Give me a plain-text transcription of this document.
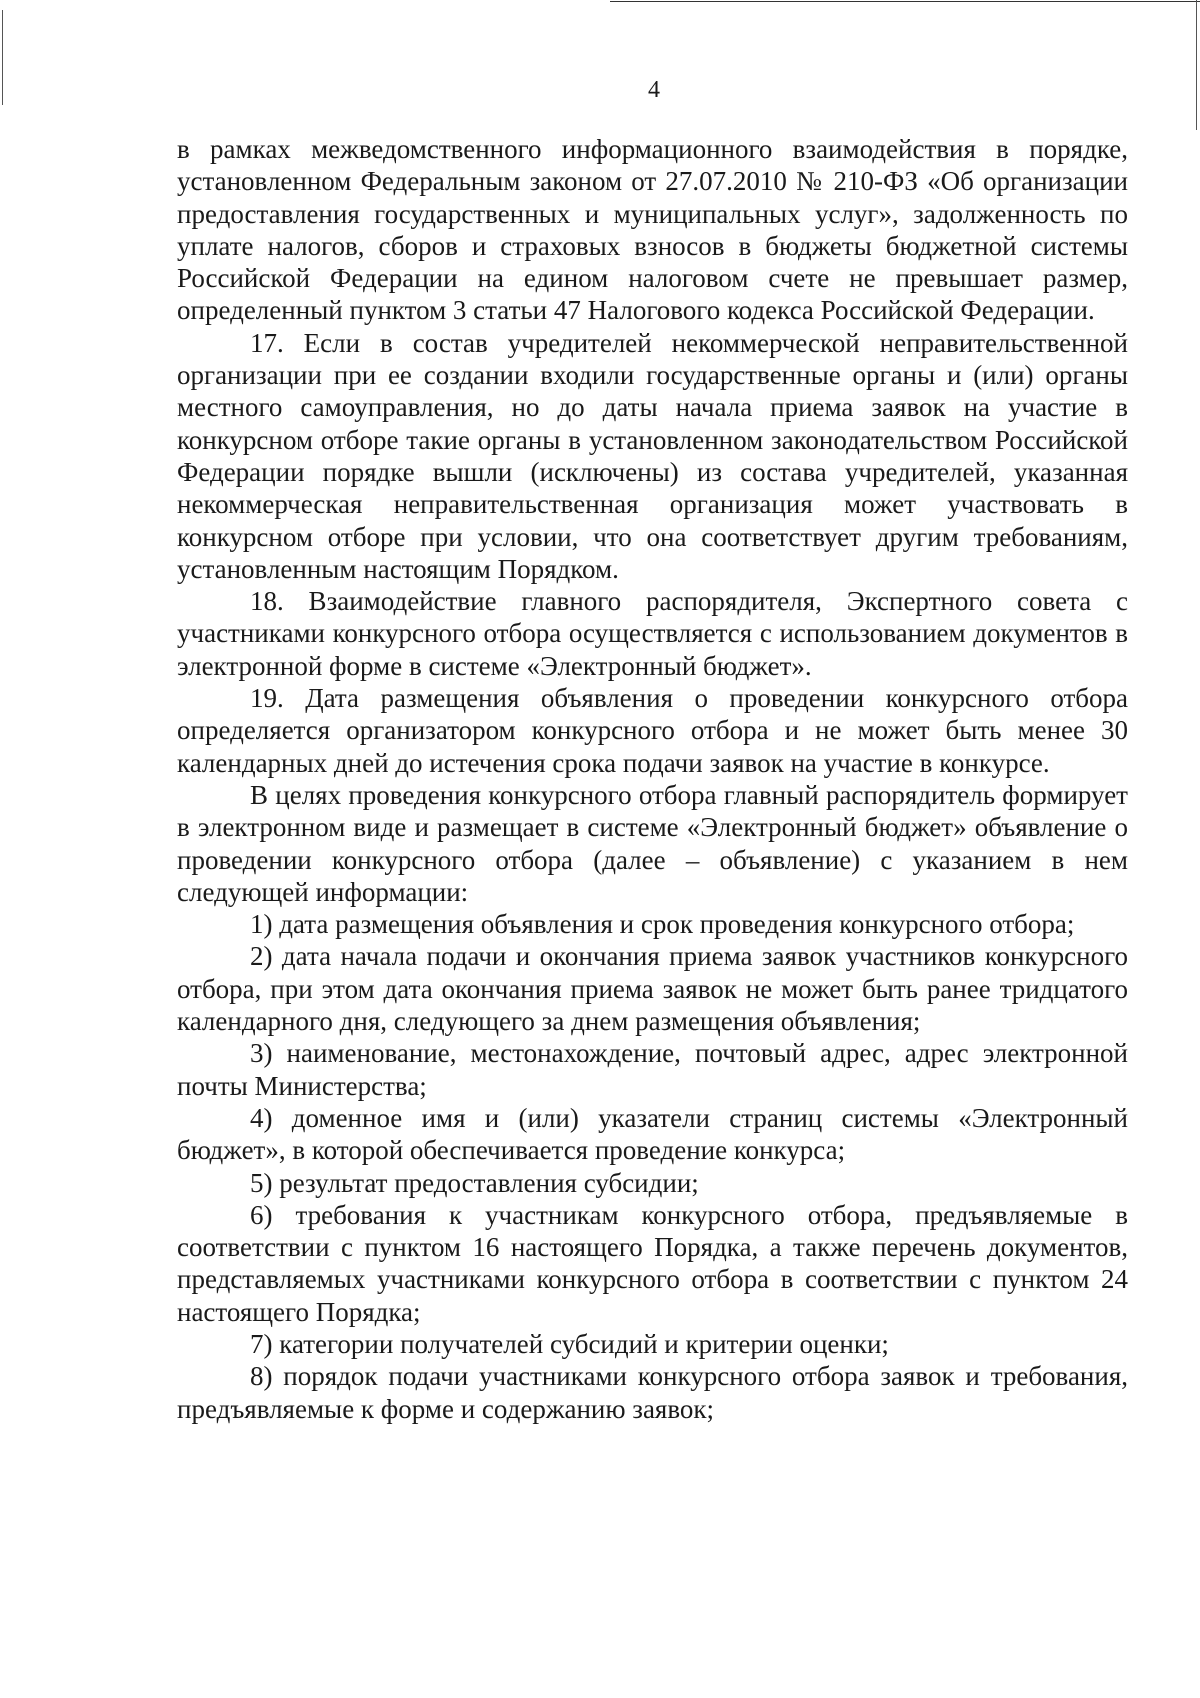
4

в рамках межведомственного информационного взаимодействия в порядке, установленном Федеральным законом от 27.07.2010 № 210-ФЗ «Об организации предоставления государственных и муниципальных услуг», задолженность по уплате налогов, сборов и страховых взносов в бюджеты бюджетной системы Российской Федерации на едином налоговом счете не превышает размер, определенный пунктом 3 статьи 47 Налогового кодекса Российской Федерации.

17. Если в состав учредителей некоммерческой неправительственной организации при ее создании входили государственные органы и (или) органы местного самоуправления, но до даты начала приема заявок на участие в конкурсном отборе такие органы в установленном законодательством Российской Федерации порядке вышли (исключены) из состава учредителей, указанная некоммерческая неправительственная организация может участвовать в конкурсном отборе при условии, что она соответствует другим требованиям, установленным настоящим Порядком.

18. Взаимодействие главного распорядителя, Экспертного совета с участниками конкурсного отбора осуществляется с использованием документов в электронной форме в системе «Электронный бюджет».

19. Дата размещения объявления о проведении конкурсного отбора определяется организатором конкурсного отбора и не может быть менее 30 календарных дней до истечения срока подачи заявок на участие в конкурсе.

В целях проведения конкурсного отбора главный распорядитель формирует в электронном виде и размещает в системе «Электронный бюджет» объявление о проведении конкурсного отбора (далее – объявление) с указанием в нем следующей информации:

1) дата размещения объявления и срок проведения конкурсного отбора;

2) дата начала подачи и окончания приема заявок участников конкурсного отбора, при этом дата окончания приема заявок не может быть ранее тридцатого календарного дня, следующего за днем размещения объявления;

3) наименование, местонахождение, почтовый адрес, адрес электронной почты Министерства;

4) доменное имя и (или) указатели страниц системы «Электронный бюджет», в которой обеспечивается проведение конкурса;

5) результат предоставления субсидии;

6) требования к участникам конкурсного отбора, предъявляемые в соответствии с пунктом 16 настоящего Порядка, а также перечень документов, представляемых участниками конкурсного отбора в соответствии с пунктом 24 настоящего Порядка;

7) категории получателей субсидий и критерии оценки;

8) порядок подачи участниками конкурсного отбора заявок и требования, предъявляемые к форме и содержанию заявок;
